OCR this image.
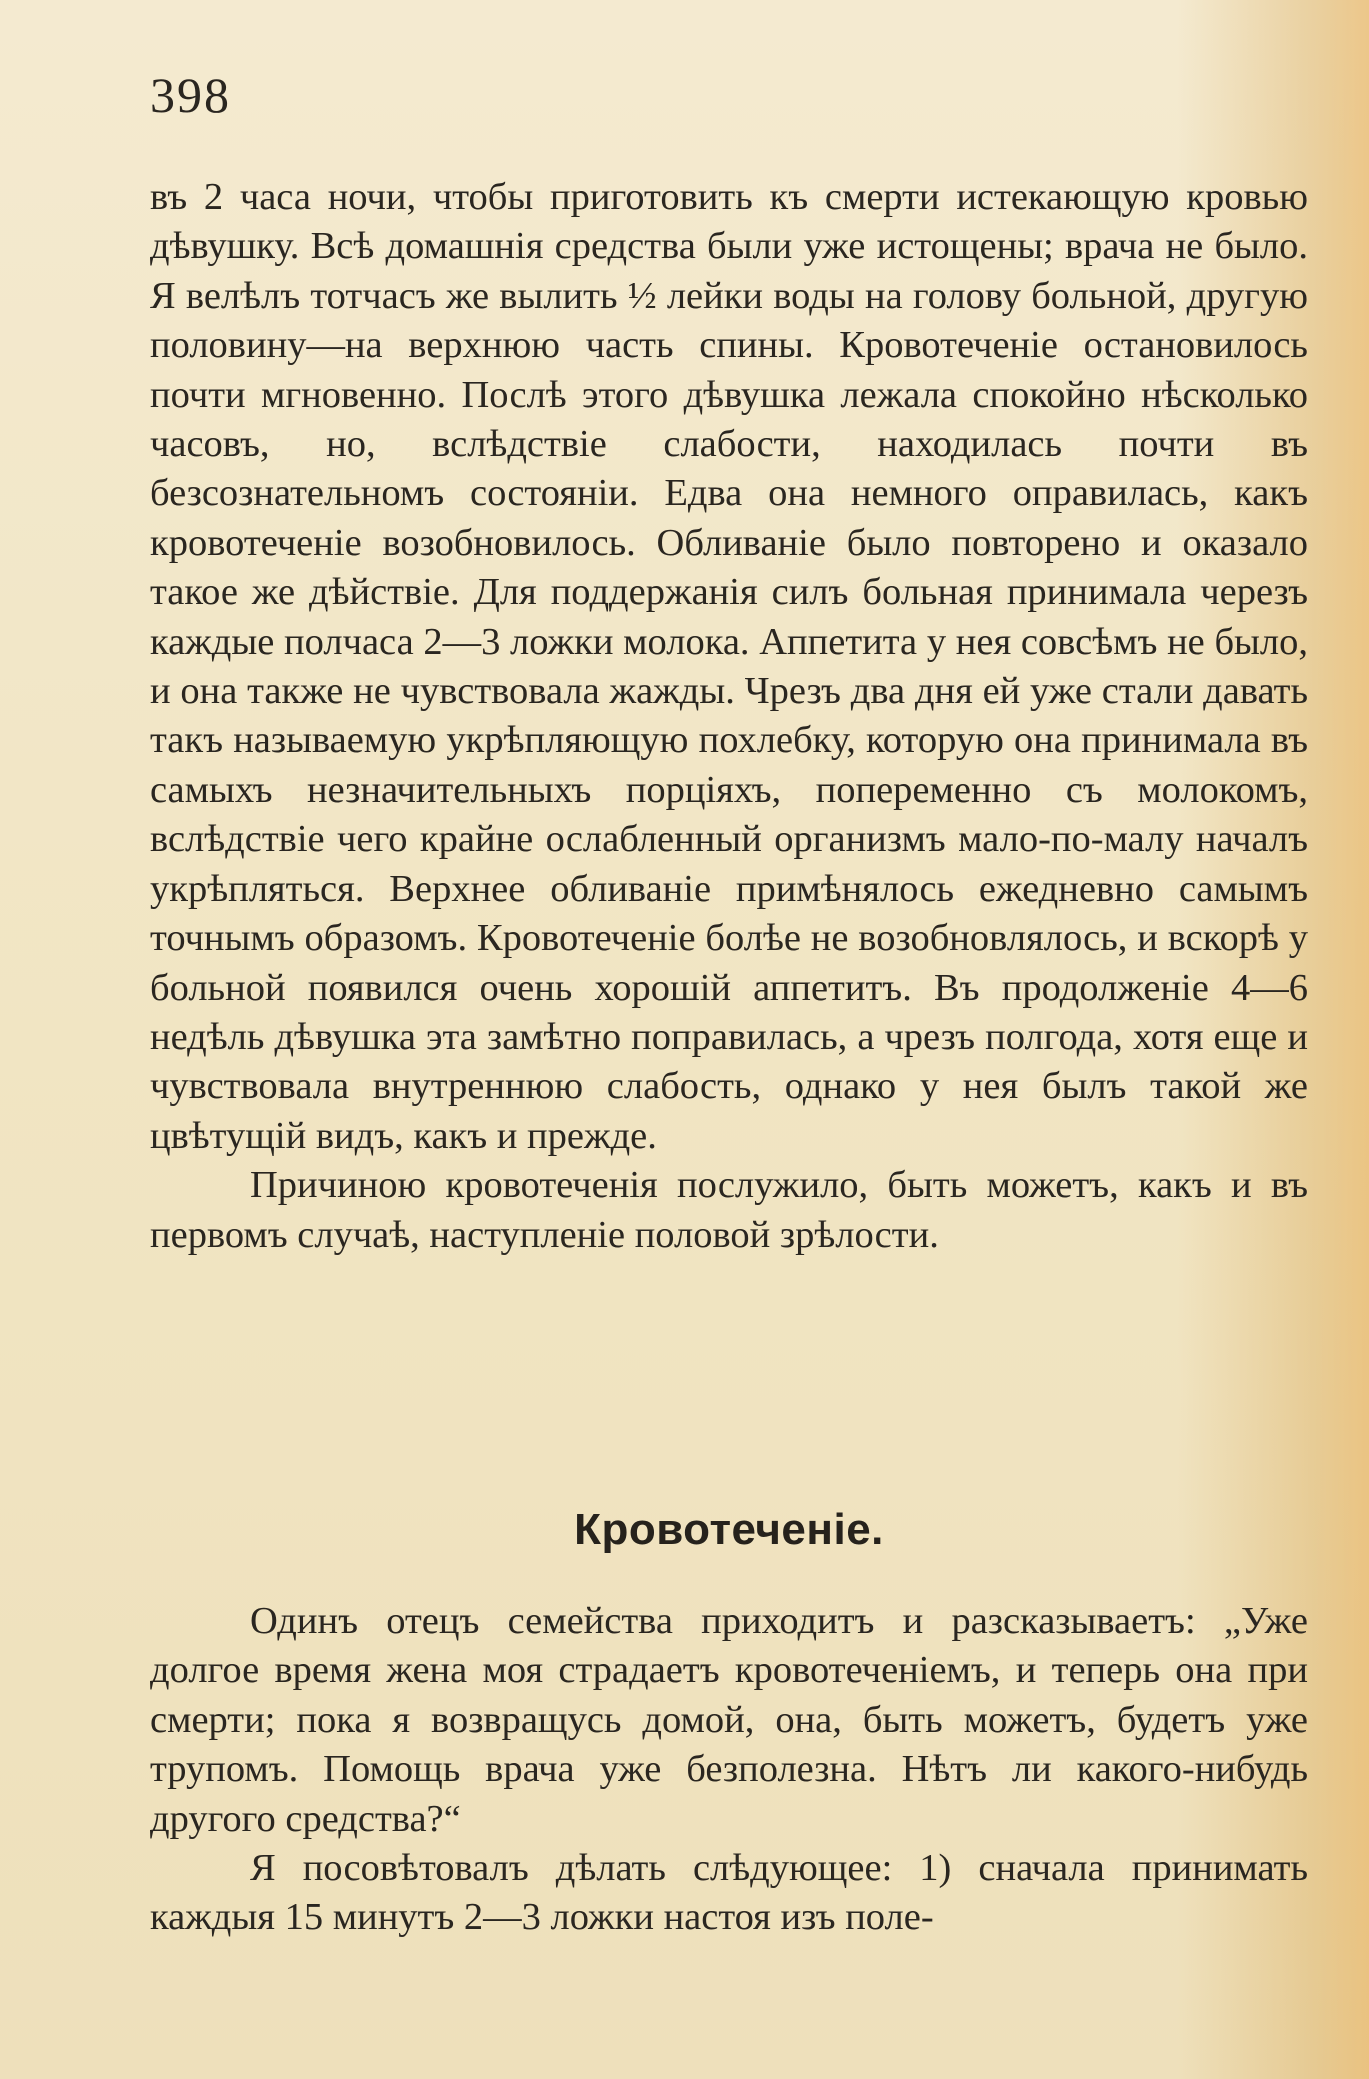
398

въ 2 часа ночи, чтобы приготовить къ смерти истекающую кровью дѣвушку. Всѣ домашнія средства были уже истощены; врача не было. Я велѣлъ тотчасъ же вылить ½ лейки воды на голову больной, другую половину—на верхнюю часть спины. Кровотеченіе остановилось почти мгновенно. Послѣ этого дѣвушка лежала спокойно нѣсколько часовъ, но, вслѣдствіе слабости, находилась почти въ безсознательномъ состояніи. Едва она немного оправилась, какъ кровотеченіе возобновилось. Обливаніе было повторено и оказало такое же дѣйствіе. Для поддержанія силъ больная принимала черезъ каждые полчаса 2—3 ложки молока. Аппетита у нея совсѣмъ не было, и она также не чувствовала жажды. Чрезъ два дня ей уже стали давать такъ называемую укрѣпляющую похлебку, которую она принимала въ самыхъ незначительныхъ порціяхъ, попеременно съ молокомъ, вслѣдствіе чего крайне ослабленный организмъ мало-по-малу началъ укрѣпляться. Верхнее обливаніе примѣнялось ежедневно самымъ точнымъ образомъ. Кровотеченіе болѣе не возобновлялось, и вскорѣ у больной появился очень хорошій аппетитъ. Въ продолженіе 4—6 недѣль дѣвушка эта замѣтно поправилась, а чрезъ полгода, хотя еще и чувствовала внутреннюю слабость, однако у нея былъ такой же цвѣтущій видъ, какъ и прежде.

Причиною кровотеченія послужило, быть можетъ, какъ и въ первомъ случаѣ, наступленіе половой зрѣлости.

Кровотеченіе.

Одинъ отецъ семейства приходитъ и разсказываетъ: „Уже долгое время жена моя страдаетъ кровотеченіемъ, и теперь она при смерти; пока я возвращусь домой, она, быть можетъ, будетъ уже трупомъ. Помощь врача уже безполезна. Нѣтъ ли какого-нибудь другого средства?“

Я посовѣтовалъ дѣлать слѣдующее: 1) сначала принимать каждыя 15 минутъ 2—3 ложки настоя изъ поле-
